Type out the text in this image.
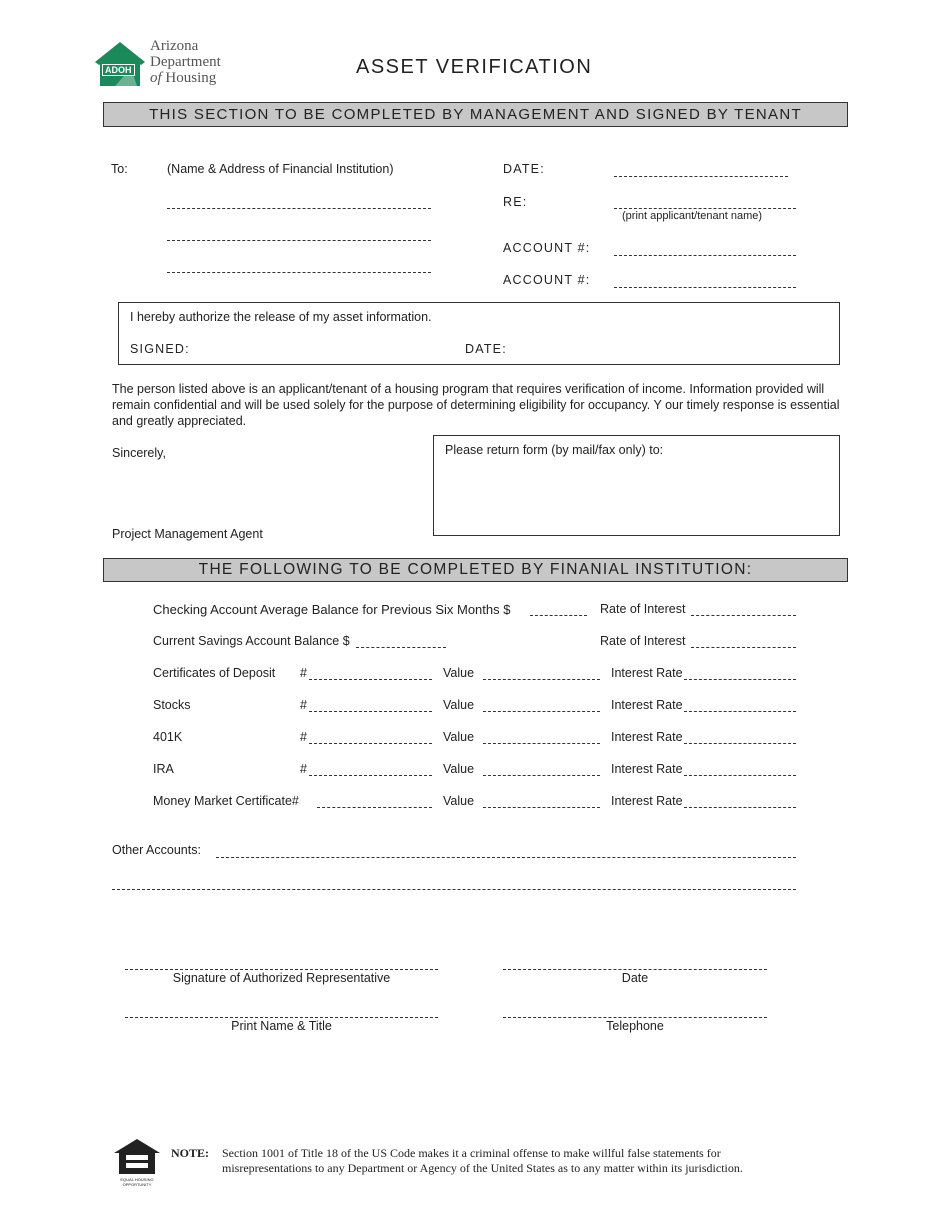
ADOH
Arizona
Department
of Housing	ASSET VERIFICATION
THIS SECTION TO BE COMPLETED BY MANAGEMENT AND SIGNED BY TENANT
To:	(Name & Address of Financial Institution)	DATE:
RE:
(print applicant/tenant name)
ACCOUNT #:
ACCOUNT #:
I hereby authorize the release of my asset information.
SIGNED:	DATE:
The person listed above is an applicant/tenant of a housing program that requires verification of income. Information provided will remain confidential and will be used solely for the purpose of determining eligibility for occupancy. Y our timely response is essential and greatly appreciated.
Sincerely,	Please return form (by mail/fax only) to:
Project Management Agent
THE FOLLOWING TO BE COMPLETED BY FINANIAL INSTITUTION:
Checking Account Average Balance for Previous Six Months $	Rate of Interest
Current Savings Account Balance $	Rate of Interest
Certificates of Deposit #	Value	Interest Rate
Stocks	#	Value	Interest Rate
401K	#	Value	Interest Rate
IRA	#	Value	Interest Rate
Money Market Certificate#	Value	Interest Rate
Other Accounts:
Signature of Authorized Representative	Date
Print Name & Title	Telephone
EQUAL HOUSING OPPORTUNITY
NOTE: Section 1001 of Title 18 of the US Code makes it a criminal offense to make willful false statements for
misrepresentations to any Department or Agency of the United States as to any matter within its jurisdiction.
